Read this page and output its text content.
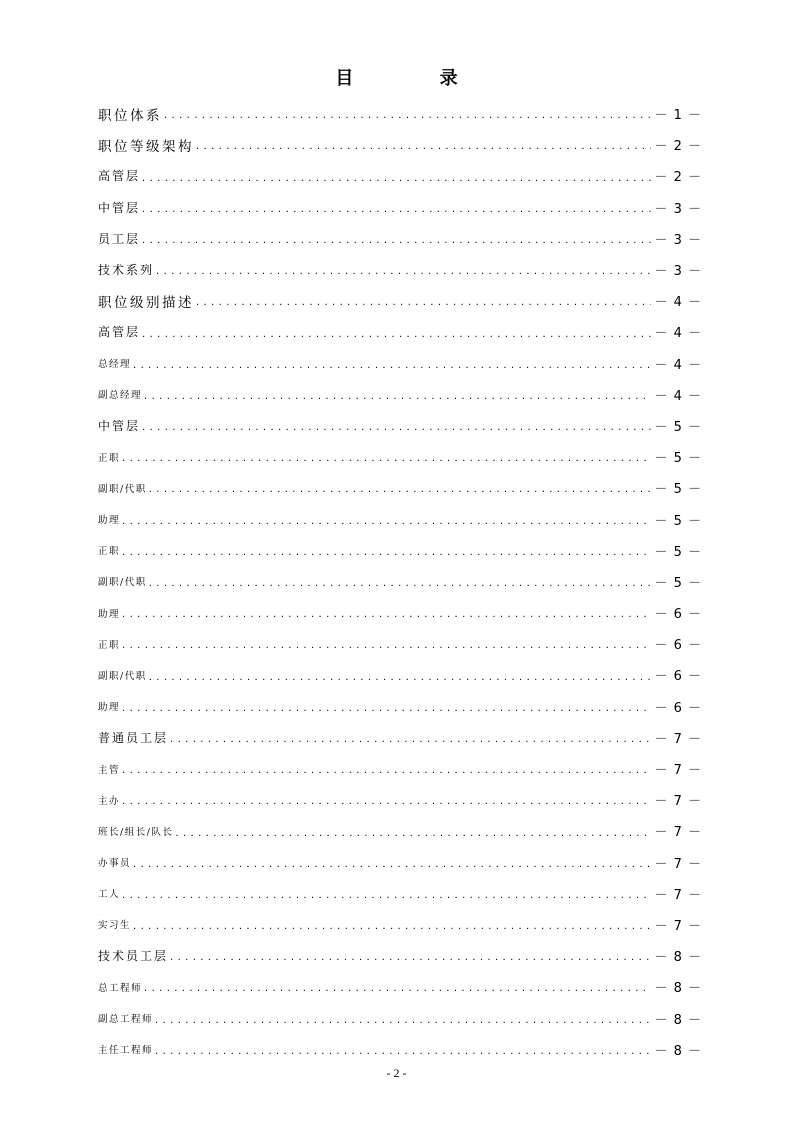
目 录
职位体系 . . .	－ 1 －
职位等级架构 . . .	－ 2 －
高管层 . . .	－ 2 －
中管层 . . .	－ 3 －
员工层 . . .	－ 3 －
技术系列 . . .	－ 3 －
职位级别描述 . . .	－ 4 －
高管层 . . .	－ 4 －
总经理 . . .	－ 4 －
副总经理 . . .	－ 4 －
中管层 . . .	－ 5 －
正职 . . .	－ 5 －
副职/代职 . . .	－ 5 －
助理 . . .	－ 5 －
正职 . . .	－ 5 －
副职/代职 . . .	－ 5 －
助理 . . .	－ 6 －
正职 . . .	－ 6 －
副职/代职 . . .	－ 6 －
助理 . . .	－ 6 －
普通员工层 . . .	－ 7 －
主管 . . .	－ 7 －
主办 . . .	－ 7 －
班长/组长/队长 . . .	－ 7 －
办事员 . . .	－ 7 －
工人 . . .	－ 7 －
实习生 . . .	－ 7 －
技术员工层 . . .	－ 8 －
总工程师 . . .	－ 8 －
副总工程师 . . .	－ 8 －
主任工程师 . . .	－ 8 －
- 2 -
